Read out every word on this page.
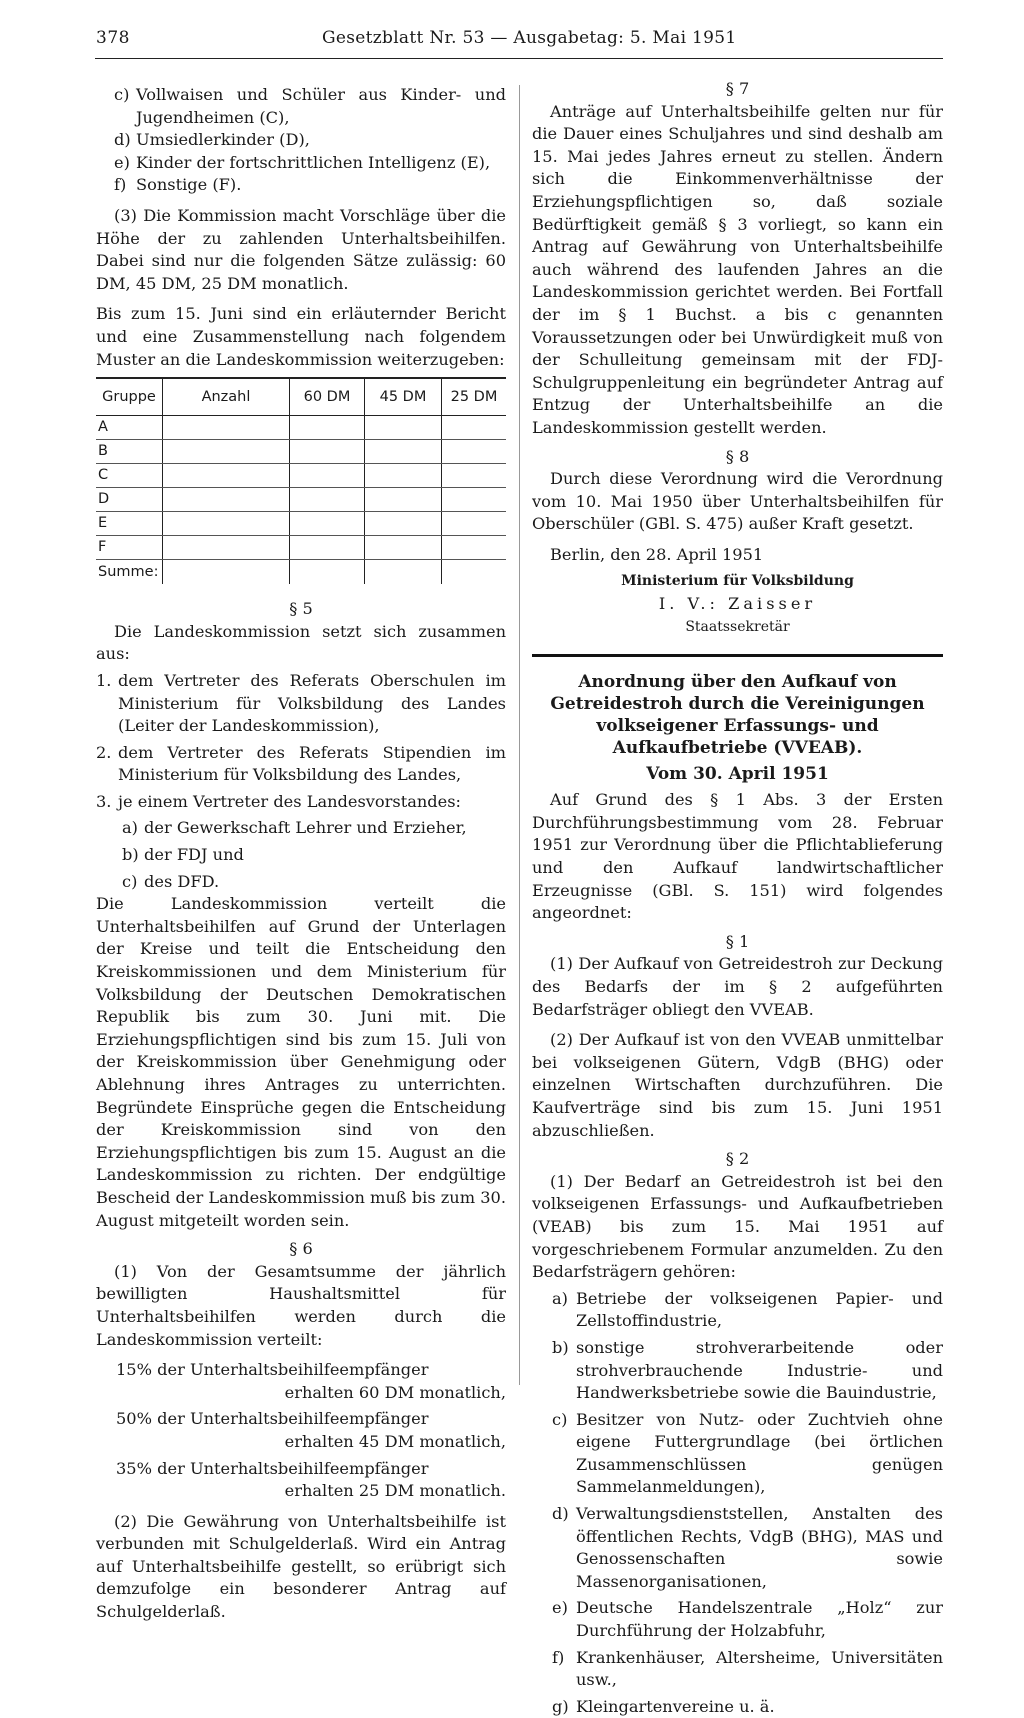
378	Gesetzblatt Nr. 53 — Ausgabetag: 5. Mai 1951
c) Vollwaisen und Schüler aus Kinder- und Jugendheimen (C),
d) Umsiedlerkinder (D),
e) Kinder der fortschrittlichen Intelligenz (E),
f) Sonstige (F).

(3) Die Kommission macht Vorschläge über die Höhe der zu zahlenden Unterhaltsbeihilfen. Dabei sind nur die folgenden Sätze zulässig: 60 DM, 45 DM, 25 DM monatlich.

Bis zum 15. Juni sind ein erläuternder Bericht und eine Zusammenstellung nach folgendem Muster an die Landeskommission weiterzugeben:

Gruppe	Anzahl	60 DM	45 DM	25 DM
A				
B				
C				
D				
E				
F				
Summe:				

§ 5

Die Landeskommission setzt sich zusammen aus:

1. dem Vertreter des Referats Oberschulen im Ministerium für Volksbildung des Landes (Leiter der Landeskommission),
2. dem Vertreter des Referats Stipendien im Ministerium für Volksbildung des Landes,
3. je einem Vertreter des Landesvorstandes:
a) der Gewerkschaft Lehrer und Erzieher,
b) der FDJ und
c) des DFD.

Die Landeskommission verteilt die Unterhaltsbeihilfen auf Grund der Unterlagen der Kreise und teilt die Entscheidung den Kreiskommissionen und dem Ministerium für Volksbildung der Deutschen Demokratischen Republik bis zum 30. Juni mit. Die Erziehungspflichtigen sind bis zum 15. Juli von der Kreiskommission über Genehmigung oder Ablehnung ihres Antrages zu unterrichten. Begründete Einsprüche gegen die Entscheidung der Kreiskommission sind von den Erziehungspflichtigen bis zum 15. August an die Landeskommission zu richten. Der endgültige Bescheid der Landeskommission muß bis zum 30. August mitgeteilt worden sein.

§ 6

(1) Von der Gesamtsumme der jährlich bewilligten Haushaltsmittel für Unterhaltsbeihilfen werden durch die Landeskommission verteilt:

15% der Unterhaltsbeihilfeempfänger
erhalten 60 DM monatlich,
50% der Unterhaltsbeihilfeempfänger
erhalten 45 DM monatlich,
35% der Unterhaltsbeihilfeempfänger
erhalten 25 DM monatlich.

(2) Die Gewährung von Unterhaltsbeihilfe ist verbunden mit Schulgelderlaß. Wird ein Antrag auf Unterhaltsbeihilfe gestellt, so erübrigt sich demzufolge ein besonderer Antrag auf Schulgelderlaß.

§ 7

Anträge auf Unterhaltsbeihilfe gelten nur für die Dauer eines Schuljahres und sind deshalb am 15. Mai jedes Jahres erneut zu stellen. Ändern sich die Einkommenverhältnisse der Erziehungspflichtigen so, daß soziale Bedürftigkeit gemäß § 3 vorliegt, so kann ein Antrag auf Gewährung von Unterhaltsbeihilfe auch während des laufenden Jahres an die Landeskommission gerichtet werden. Bei Fortfall der im § 1 Buchst. a bis c genannten Voraussetzungen oder bei Unwürdigkeit muß von der Schulleitung gemeinsam mit der FDJ-Schulgruppenleitung ein begründeter Antrag auf Entzug der Unterhaltsbeihilfe an die Landeskommission gestellt werden.

§ 8

Durch diese Verordnung wird die Verordnung vom 10. Mai 1950 über Unterhaltsbeihilfen für Oberschüler (GBl. S. 475) außer Kraft gesetzt.

Berlin, den 28. April 1951

Ministerium für Volksbildung

I. V.: Zaisser

Staatssekretär

Anordnung über den Aufkauf von Getreidestroh durch die Vereinigungen volkseigener Erfassungs- und Aufkaufbetriebe (VVEAB).

Vom 30. April 1951

Auf Grund des § 1 Abs. 3 der Ersten Durchführungsbestimmung vom 28. Februar 1951 zur Verordnung über die Pflichtablieferung und den Aufkauf landwirtschaftlicher Erzeugnisse (GBl. S. 151) wird folgendes angeordnet:

§ 1

(1) Der Aufkauf von Getreidestroh zur Deckung des Bedarfs der im § 2 aufgeführten Bedarfsträger obliegt den VVEAB.

(2) Der Aufkauf ist von den VVEAB unmittelbar bei volkseigenen Gütern, VdgB (BHG) oder einzelnen Wirtschaften durchzuführen. Die Kaufverträge sind bis zum 15. Juni 1951 abzuschließen.

§ 2

(1) Der Bedarf an Getreidestroh ist bei den volkseigenen Erfassungs- und Aufkaufbetrieben (VEAB) bis zum 15. Mai 1951 auf vorgeschriebenem Formular anzumelden. Zu den Bedarfsträgern gehören:

a) Betriebe der volkseigenen Papier- und Zellstoffindustrie,
b) sonstige strohverarbeitende oder strohverbrauchende Industrie- und Handwerksbetriebe sowie die Bauindustrie,
c) Besitzer von Nutz- oder Zuchtvieh ohne eigene Futtergrundlage (bei örtlichen Zusammenschlüssen genügen Sammelanmeldungen),
d) Verwaltungsdienststellen, Anstalten des öffentlichen Rechts, VdgB (BHG), MAS und Genossenschaften sowie Massenorganisationen,
e) Deutsche Handelszentrale „Holz“ zur Durchführung der Holzabfuhr,
f) Krankenhäuser, Altersheime, Universitäten usw.,
g) Kleingartenvereine u. ä.
